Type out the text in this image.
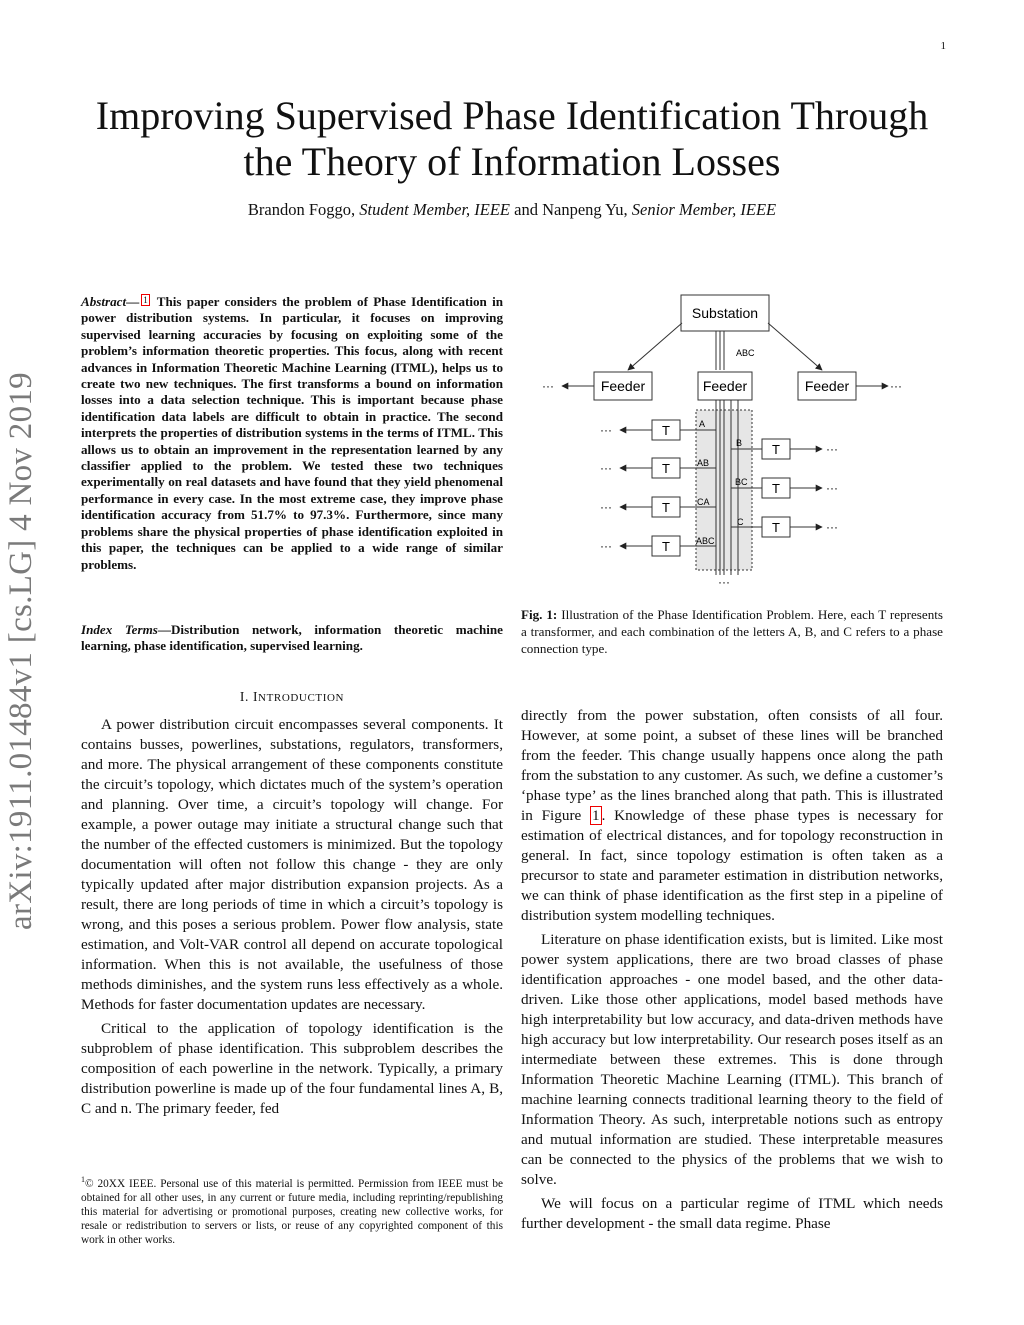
1
Improving Supervised Phase Identification Through
the Theory of Information Losses
Brandon Foggo, Student Member, IEEE and Nanpeng Yu, Senior Member, IEEE
arXiv:1911.01484v1 [cs.LG] 4 Nov 2019
Abstract— 1 This paper considers the problem of Phase Identification in power distribution systems. In particular, it focuses on improving supervised learning accuracies by focusing on exploiting some of the problem’s information theoretic properties. This focus, along with recent advances in Information Theoretic Machine Learning (ITML), helps us to create two new techniques. The first transforms a bound on information losses into a data selection technique. This is important because phase identification data labels are difficult to obtain in practice. The second interprets the properties of distribution systems in the terms of ITML. This allows us to obtain an improvement in the representation learned by any classifier applied to the problem. We tested these two techniques experimentally on real datasets and have found that they yield phenomenal performance in every case. In the most extreme case, they improve phase identification accuracy from 51.7% to 97.3%. Furthermore, since many problems share the physical properties of phase identification exploited in this paper, the techniques can be applied to a wide range of similar problems.
Index Terms—Distribution network, information theoretic machine learning, phase identification, supervised learning.
I. INTRODUCTION

A power distribution circuit encompasses several components. It contains busses, powerlines, substations, regulators, transformers, and more. The physical arrangement of these components constitute the circuit’s topology, which dictates much of the system’s operation and planning. Over time, a circuit’s topology will change. For example, a power outage may initiate a structural change such that the number of the effected customers is minimized. But the topology documentation will often not follow this change - they are only typically updated after major distribution expansion projects. As a result, there are long periods of time in which a circuit’s topology is wrong, and this poses a serious problem. Power flow analysis, state estimation, and Volt-VAR control all depend on accurate topological information. When this is not available, the usefulness of those methods diminishes, and the system runs less effectively as a whole. Methods for faster documentation updates are necessary.

Critical to the application of topology identification is the subproblem of phase identification. This subproblem describes the composition of each powerline in the network. Typically, a primary distribution powerline is made up of the four fundamental lines A, B, C and n. The primary feeder, fed

$^1$© 20XX IEEE. Personal use of this material is permitted. Permission from IEEE must be obtained for all other uses, in any current or future media, including reprinting/republishing this material for advertising or promotional purposes, creating new collective works, for resale or redistribution to servers or lists, or reuse of any copyrighted component of this work in other works.
Substation
ABC
Feeder	Feeder	Feeder
···	···
T
···	A
T
···	AB
T
···	CA
T
···	ABC
T	···
B
T	···
BC
T	···
C
···
Fig. 1: Illustration of the Phase Identification Problem. Here, each T represents a transformer, and each combination of the letters A, B, and C refers to a phase connection type.

directly from the power substation, often consists of all four. However, at some point, a subset of these lines will be branched from the feeder. This change usually happens once along the path from the substation to any customer. As such, we define a customer’s ‘phase type’ as the lines branched along that path. This is illustrated in Figure 1 . Knowledge of these phase types is necessary for estimation of electrical distances, and for topology reconstruction in general. In fact, since topology estimation is often taken as a precursor to state and parameter estimation in distribution networks, we can think of phase identification as the first step in a pipeline of distribution system modelling techniques.

Literature on phase identification exists, but is limited. Like most power system applications, there are two broad classes of phase identification approaches - one model based, and the other data-driven. Like those other applications, model based methods have high interpretability but low accuracy, and data-driven methods have high accuracy but low interpretability. Our research poses itself as an intermediate between these extremes. This is done through Information Theoretic Machine Learning (ITML). This branch of machine learning connects traditional learning theory to the field of Information Theory. As such, interpretable notions such as entropy and mutual information are studied. These interpretable measures can be connected to the physics of the problems that we wish to solve.

We will focus on a particular regime of ITML which needs further development - the small data regime. Phase
